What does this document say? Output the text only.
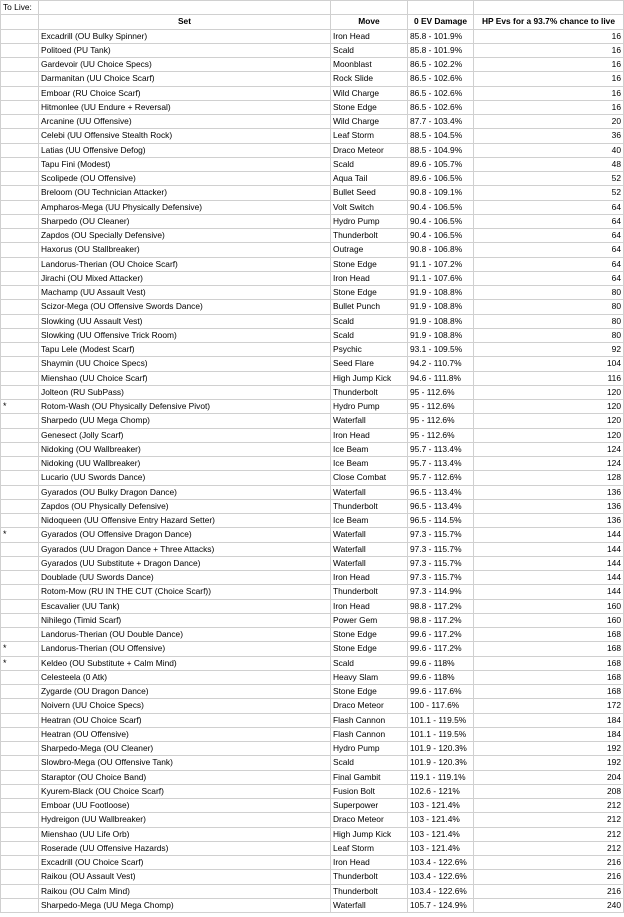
To Live:				
	Set	Move	0 EV Damage	HP Evs for a 93.7% chance to live
	Excadrill (OU Bulky Spinner)	Iron Head	85.8 - 101.9%	16
	Politoed (PU Tank)	Scald	85.8 - 101.9%	16
	Gardevoir (UU Choice Specs)	Moonblast	86.5 - 102.2%	16
	Darmanitan (UU Choice Scarf)	Rock Slide	86.5 - 102.6%	16
	Emboar (RU Choice Scarf)	Wild Charge	86.5 - 102.6%	16
	Hitmonlee (UU Endure + Reversal)	Stone Edge	86.5 - 102.6%	16
	Arcanine (UU Offensive)	Wild Charge	87.7 - 103.4%	20
	Celebi (UU Offensive Stealth Rock)	Leaf Storm	88.5 - 104.5%	36
	Latias (UU Offensive Defog)	Draco Meteor	88.5 - 104.9%	40
	Tapu Fini (Modest)	Scald	89.6 - 105.7%	48
	Scolipede (OU Offensive)	Aqua Tail	89.6 - 106.5%	52
	Breloom (OU Technician Attacker)	Bullet Seed	90.8 - 109.1%	52
	Ampharos-Mega (UU Physically Defensive)	Volt Switch	90.4 - 106.5%	64
	Sharpedo (OU Cleaner)	Hydro Pump	90.4 - 106.5%	64
	Zapdos (OU Specially Defensive)	Thunderbolt	90.4 - 106.5%	64
	Haxorus (OU Stallbreaker)	Outrage	90.8 - 106.8%	64
	Landorus-Therian (OU Choice Scarf)	Stone Edge	91.1 - 107.2%	64
	Jirachi (OU Mixed Attacker)	Iron Head	91.1 - 107.6%	64
	Machamp (UU Assault Vest)	Stone Edge	91.9 - 108.8%	80
	Scizor-Mega (OU Offensive Swords Dance)	Bullet Punch	91.9 - 108.8%	80
	Slowking (UU Assault Vest)	Scald	91.9 - 108.8%	80
	Slowking (UU Offensive Trick Room)	Scald	91.9 - 108.8%	80
	Tapu Lele (Modest Scarf)	Psychic	93.1 - 109.5%	92
	Shaymin (UU Choice Specs)	Seed Flare	94.2 - 110.7%	104
	Mienshao (UU Choice Scarf)	High Jump Kick	94.6 - 111.8%	116
	Jolteon (RU SubPass)	Thunderbolt	95 - 112.6%	120
*	Rotom-Wash (OU Physically Defensive Pivot)	Hydro Pump	95 - 112.6%	120
	Sharpedo (UU Mega Chomp)	Waterfall	95 - 112.6%	120
	Genesect (Jolly Scarf)	Iron Head	95 - 112.6%	120
	Nidoking (OU Wallbreaker)	Ice Beam	95.7 - 113.4%	124
	Nidoking (UU Wallbreaker)	Ice Beam	95.7 - 113.4%	124
	Lucario (UU Swords Dance)	Close Combat	95.7 - 112.6%	128
	Gyarados (OU Bulky Dragon Dance)	Waterfall	96.5 - 113.4%	136
	Zapdos (OU Physically Defensive)	Thunderbolt	96.5 - 113.4%	136
	Nidoqueen (UU Offensive Entry Hazard Setter)	Ice Beam	96.5 - 114.5%	136
*	Gyarados (OU Offensive Dragon Dance)	Waterfall	97.3 - 115.7%	144
	Gyarados (UU Dragon Dance + Three Attacks)	Waterfall	97.3 - 115.7%	144
	Gyarados (UU Substitute + Dragon Dance)	Waterfall	97.3 - 115.7%	144
	Doublade (UU Swords Dance)	Iron Head	97.3 - 115.7%	144
	Rotom-Mow (RU IN THE CUT (Choice Scarf))	Thunderbolt	97.3 - 114.9%	144
	Escavalier (UU Tank)	Iron Head	98.8 - 117.2%	160
	Nihilego (Timid Scarf)	Power Gem	98.8 - 117.2%	160
	Landorus-Therian (OU Double Dance)	Stone Edge	99.6 - 117.2%	168
*	Landorus-Therian (OU Offensive)	Stone Edge	99.6 - 117.2%	168
*	Keldeo (OU Substitute + Calm Mind)	Scald	99.6 - 118%	168
	Celesteela (0 Atk)	Heavy Slam	99.6 - 118%	168
	Zygarde (OU Dragon Dance)	Stone Edge	99.6 - 117.6%	168
	Noivern (UU Choice Specs)	Draco Meteor	100 - 117.6%	172
	Heatran (OU Choice Scarf)	Flash Cannon	101.1 - 119.5%	184
	Heatran (OU Offensive)	Flash Cannon	101.1 - 119.5%	184
	Sharpedo-Mega (OU Cleaner)	Hydro Pump	101.9 - 120.3%	192
	Slowbro-Mega (OU Offensive Tank)	Scald	101.9 - 120.3%	192
	Staraptor (OU Choice Band)	Final Gambit	119.1 - 119.1%	204
	Kyurem-Black (OU Choice Scarf)	Fusion Bolt	102.6 - 121%	208
	Emboar (UU Footloose)	Superpower	103 - 121.4%	212
	Hydreigon (UU Wallbreaker)	Draco Meteor	103 - 121.4%	212
	Mienshao (UU Life Orb)	High Jump Kick	103 - 121.4%	212
	Roserade (UU Offensive Hazards)	Leaf Storm	103 - 121.4%	212
	Excadrill (OU Choice Scarf)	Iron Head	103.4 - 122.6%	216
	Raikou (OU Assault Vest)	Thunderbolt	103.4 - 122.6%	216
	Raikou (OU Calm Mind)	Thunderbolt	103.4 - 122.6%	216
	Sharpedo-Mega (UU Mega Chomp)	Waterfall	105.7 - 124.9%	240
